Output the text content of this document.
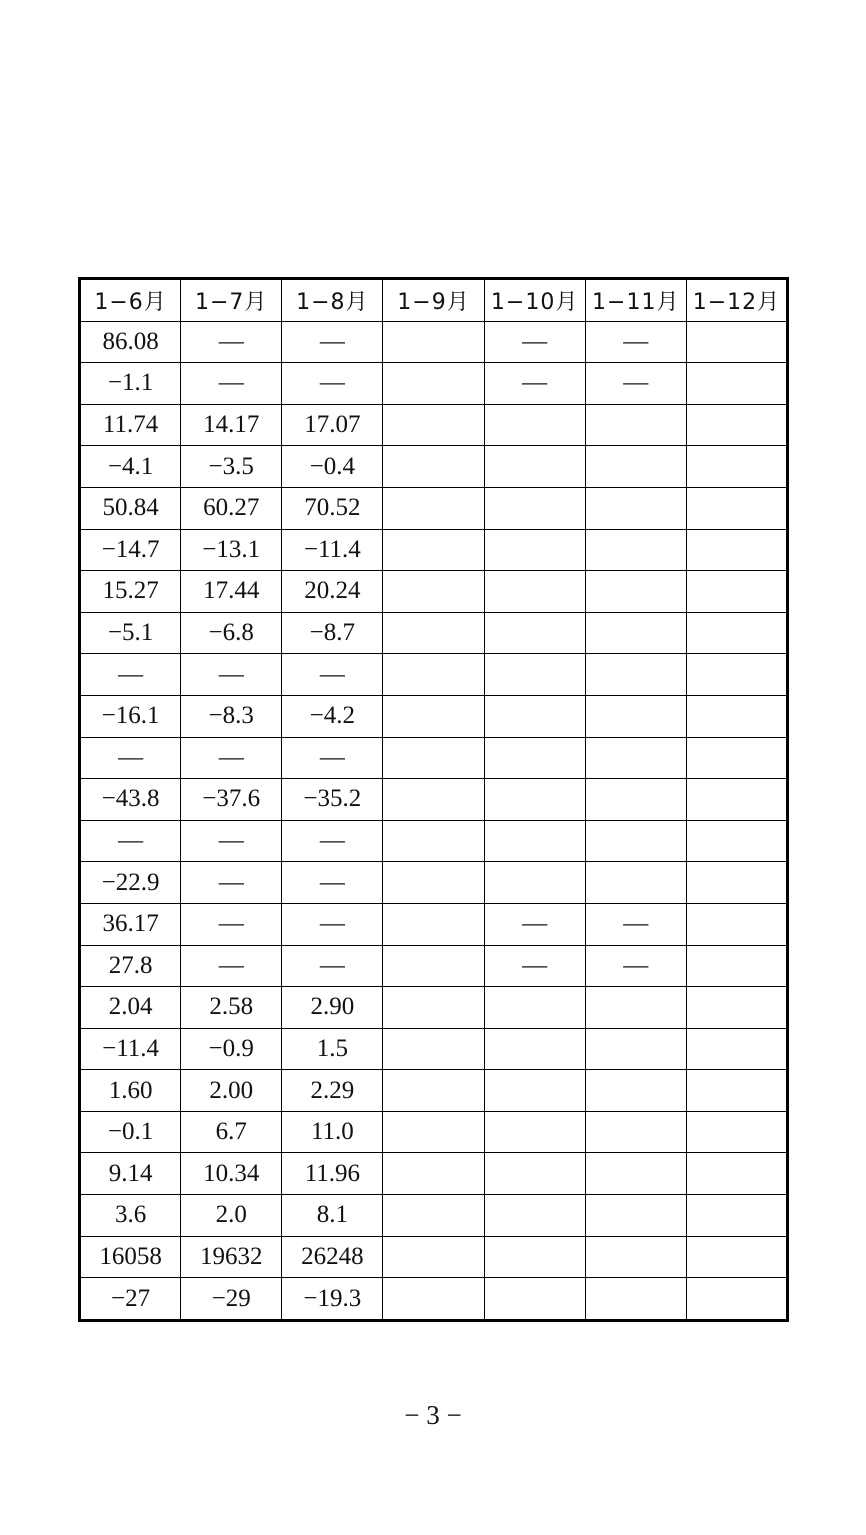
1−6月	1−7月	1−8月	1−9月	1−10月	1−11月	1−12月
86.08	—	—		—	—	
−1.1	—	—		—	—	
11.74	14.17	17.07				
−4.1	−3.5	−0.4				
50.84	60.27	70.52				
−14.7	−13.1	−11.4				
15.27	17.44	20.24				
−5.1	−6.8	−8.7				
—	—	—				
−16.1	−8.3	−4.2				
—	—	—				
−43.8	−37.6	−35.2				
—	—	—				
−22.9	—	—				
36.17	—	—		—	—	
27.8	—	—		—	—	
2.04	2.58	2.90				
−11.4	−0.9	1.5				
1.60	2.00	2.29				
−0.1	6.7	11.0				
9.14	10.34	11.96				
3.6	2.0	8.1				
16058	19632	26248				
−27	−29	−19.3				
− 3 −
